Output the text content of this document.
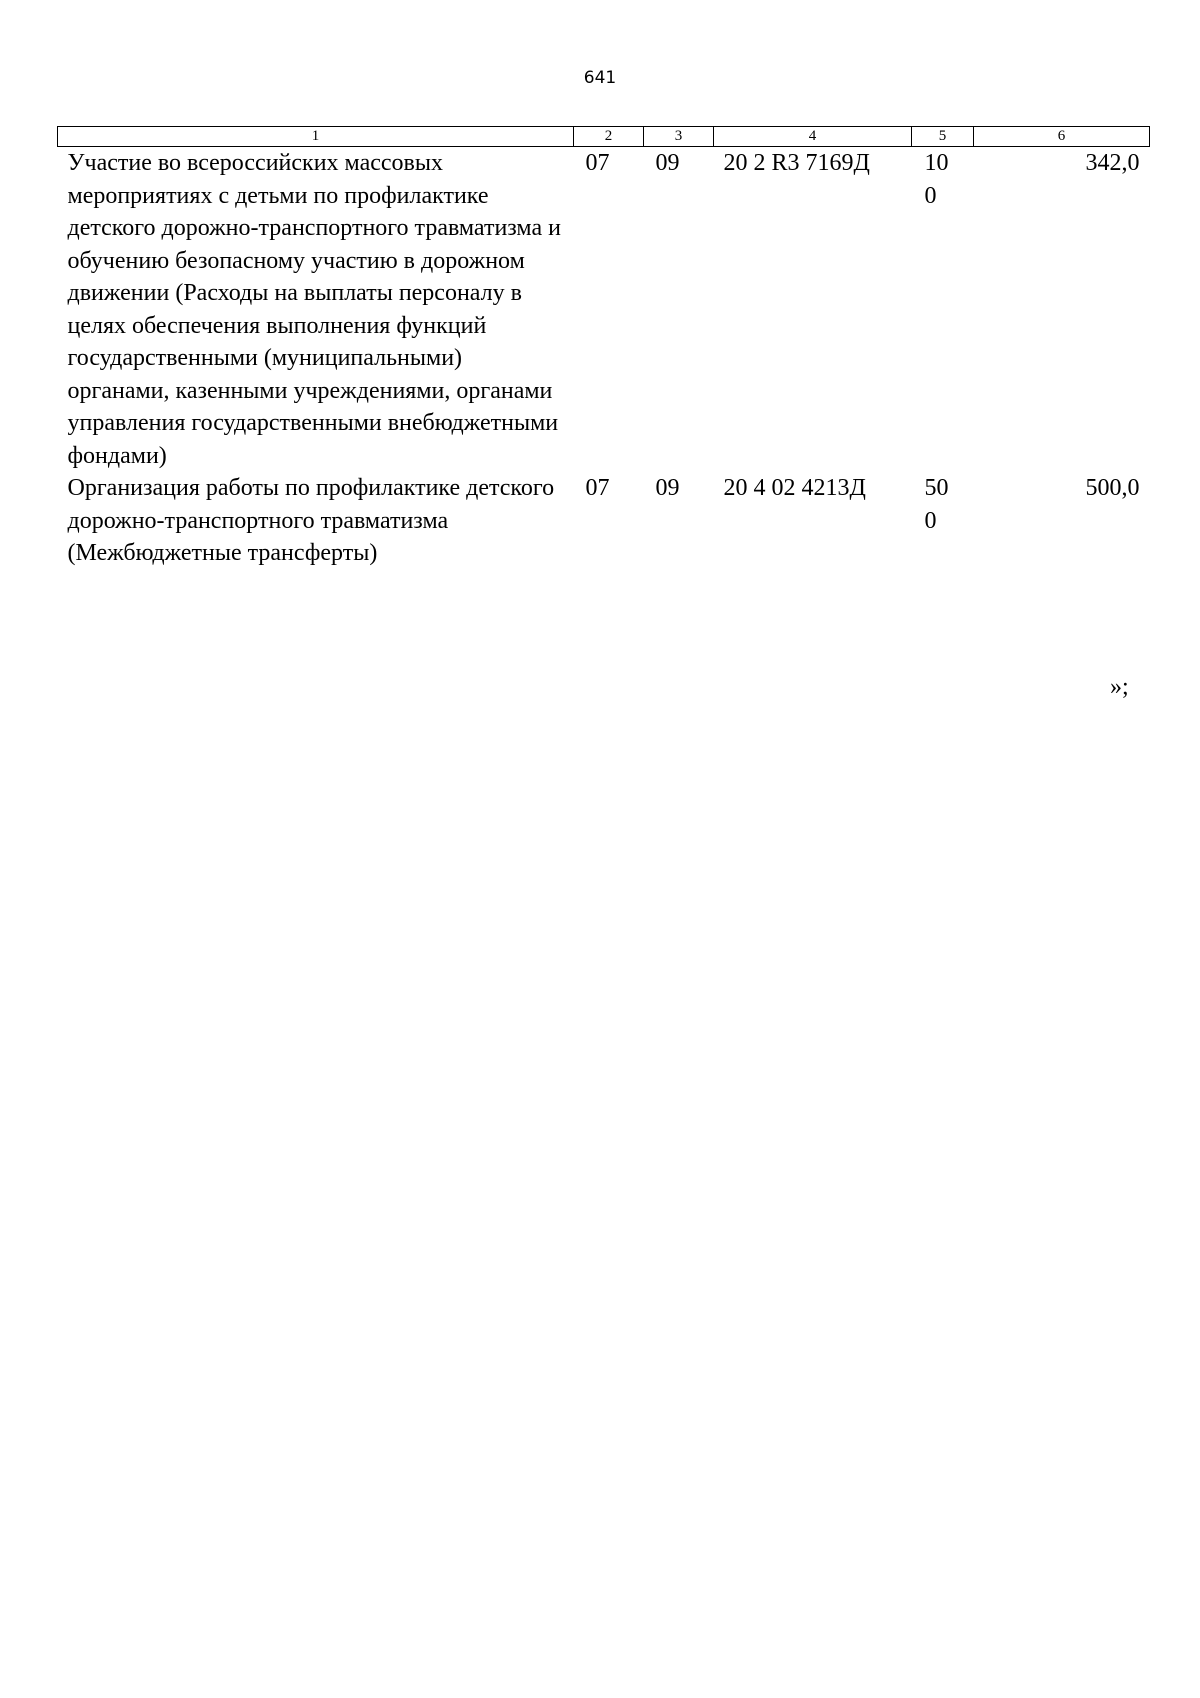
641
1	2	3	4	5	6
Участие во всероссийских массовых мероприятиях с детьми по профилактике детского дорожно-транспортного травматизма и обучению безопасному участию в дорожном движении (Расходы на выплаты персоналу в целях обеспечения выполнения функций государственными (муниципальными) органами, казенными учреждениями, органами управления государственными внебюджетными фондами)	07	09	20 2 R3 7169Д	100	342,0
Организация работы по профилактике детского дорожно-транспортного травматизма (Межбюджетные трансферты)	07	09	20 4 02 4213Д	500	500,0
»;
